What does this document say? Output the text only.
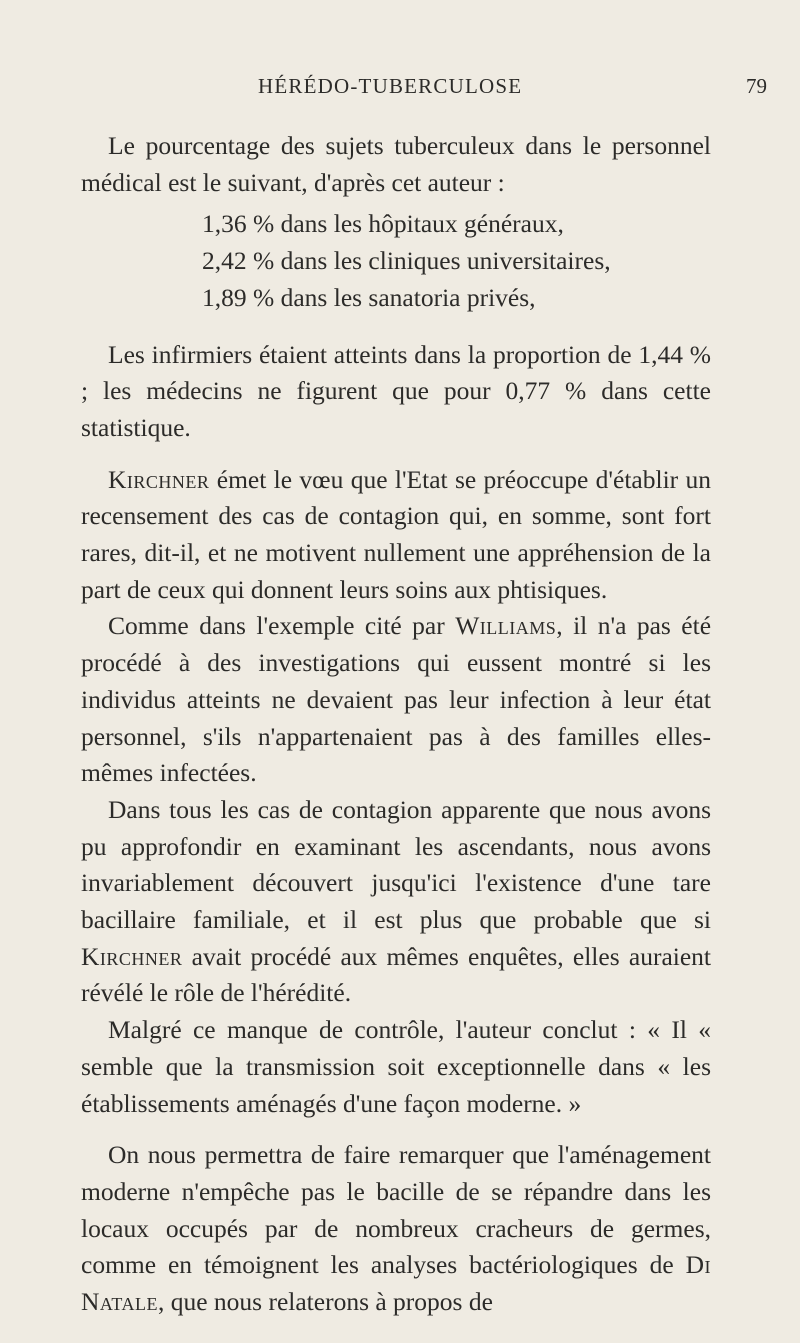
HÉRÉDO-TUBERCULOSE	79

Le pourcentage des sujets tuberculeux dans le personnel médical est le suivant, d'après cet auteur :

1,36 % dans les hôpitaux généraux,

2,42 % dans les cliniques universitaires,

1,89 % dans les sanatoria privés,

Les infirmiers étaient atteints dans la proportion de 1,44 % ; les médecins ne figurent que pour 0,77 % dans cette statistique.

Kirchner émet le vœu que l'Etat se préoccupe d'établir un recensement des cas de contagion qui, en somme, sont fort rares, dit-il, et ne motivent nullement une appréhension de la part de ceux qui donnent leurs soins aux phtisiques.

Comme dans l'exemple cité par Williams, il n'a pas été procédé à des investigations qui eussent montré si les individus atteints ne devaient pas leur infection à leur état personnel, s'ils n'appartenaient pas à des familles elles-mêmes infectées.

Dans tous les cas de contagion apparente que nous avons pu approfondir en examinant les ascendants, nous avons invariablement découvert jusqu'ici l'existence d'une tare bacillaire familiale, et il est plus que probable que si Kirchner avait procédé aux mêmes enquêtes, elles auraient révélé le rôle de l'hérédité.

Malgré ce manque de contrôle, l'auteur conclut : « Il « semble que la transmission soit exceptionnelle dans « les établissements aménagés d'une façon moderne. »

On nous permettra de faire remarquer que l'aménagement moderne n'empêche pas le bacille de se répandre dans les locaux occupés par de nombreux cracheurs de germes, comme en témoignent les analyses bactériologiques de Di Natale, que nous relaterons à propos de
